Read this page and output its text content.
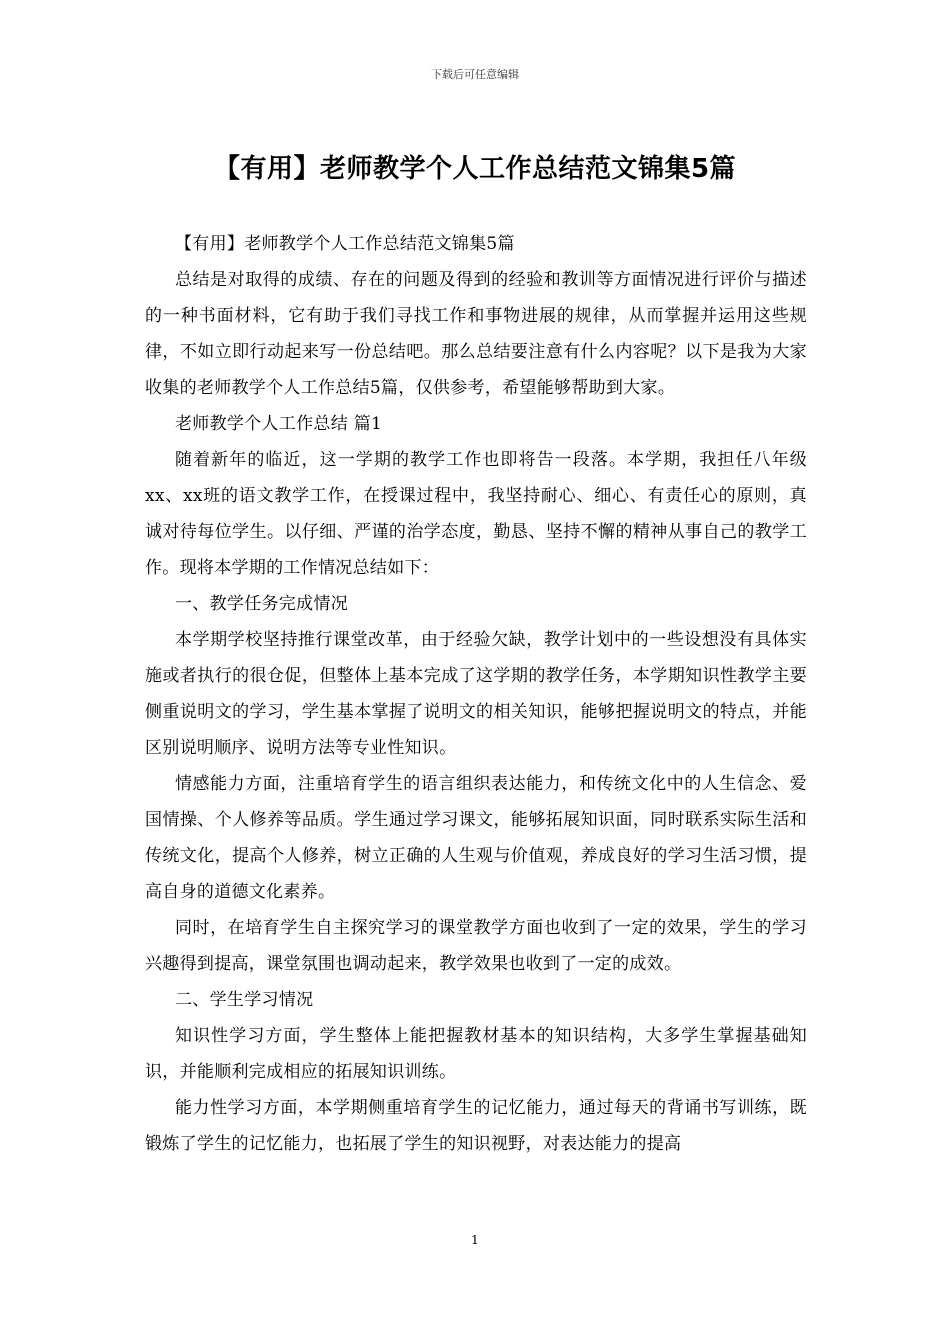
下载后可任意编辑
【有用】老师教学个人工作总结范文锦集5篇

【有用】老师教学个人工作总结范文锦集5篇

总结是对取得的成绩、存在的问题及得到的经验和教训等方面情况进行评价与描述的一种书面材料，它有助于我们寻找工作和事物进展的规律，从而掌握并运用这些规律，不如立即行动起来写一份总结吧。那么总结要注意有什么内容呢？以下是我为大家收集的老师教学个人工作总结5篇，仅供参考，希望能够帮助到大家。

老师教学个人工作总结 篇1

随着新年的临近，这一学期的教学工作也即将告一段落。本学期，我担任八年级xx、xx班的语文教学工作，在授课过程中，我坚持耐心、细心、有责任心的原则，真诚对待每位学生。以仔细、严谨的治学态度，勤恳、坚持不懈的精神从事自己的教学工作。现将本学期的工作情况总结如下：

一、教学任务完成情况

本学期学校坚持推行课堂改革，由于经验欠缺，教学计划中的一些设想没有具体实施或者执行的很仓促，但整体上基本完成了这学期的教学任务，本学期知识性教学主要侧重说明文的学习，学生基本掌握了说明文的相关知识，能够把握说明文的特点，并能区别说明顺序、说明方法等专业性知识。

情感能力方面，注重培育学生的语言组织表达能力，和传统文化中的人生信念、爱国情操、个人修养等品质。学生通过学习课文，能够拓展知识面，同时联系实际生活和传统文化，提高个人修养，树立正确的人生观与价值观，养成良好的学习生活习惯，提高自身的道德文化素养。

同时，在培育学生自主探究学习的课堂教学方面也收到了一定的效果，学生的学习兴趣得到提高，课堂氛围也调动起来，教学效果也收到了一定的成效。

二、学生学习情况

知识性学习方面，学生整体上能把握教材基本的知识结构，大多学生掌握基础知识，并能顺利完成相应的拓展知识训练。

能力性学习方面，本学期侧重培育学生的记忆能力，通过每天的背诵书写训练，既锻炼了学生的记忆能力，也拓展了学生的知识视野，对表达能力的提高

1
